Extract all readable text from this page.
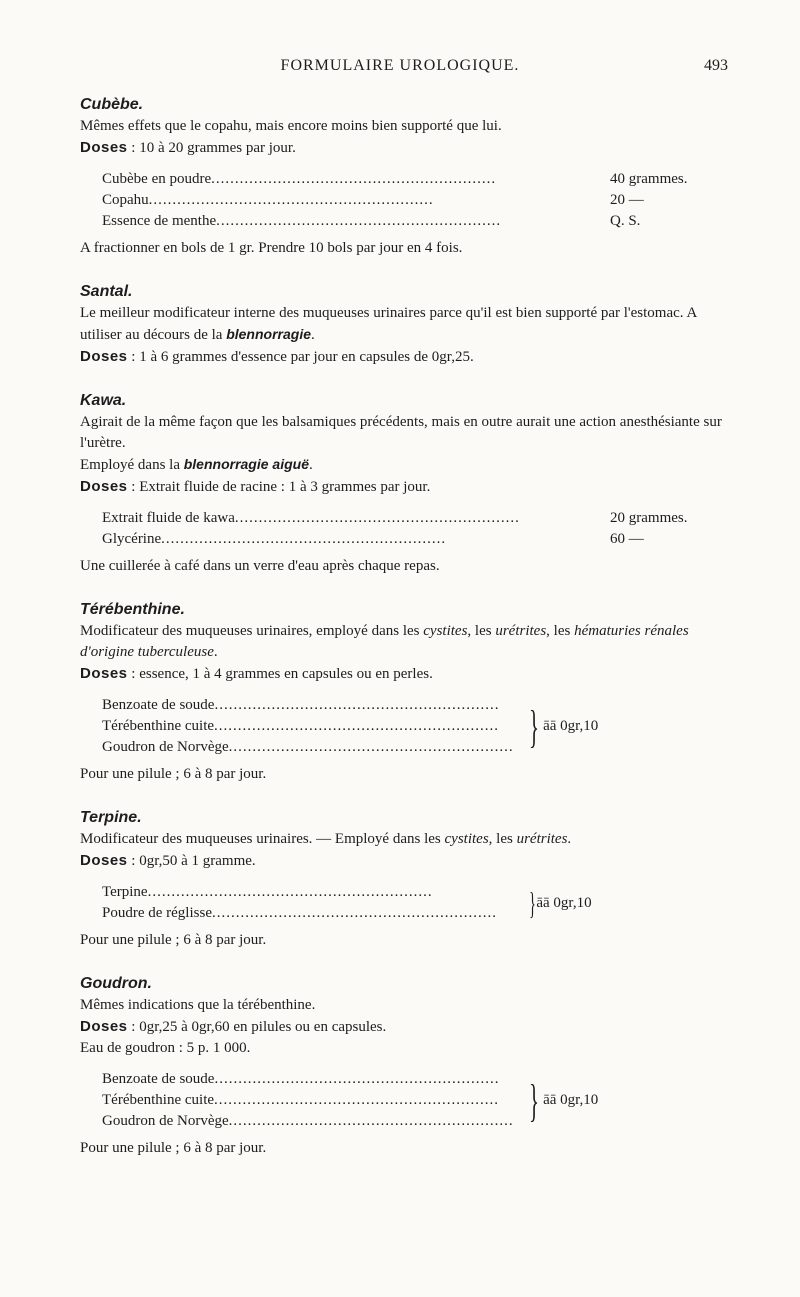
FORMULAIRE UROLOGIQUE.	493
Cubèbe.
Mêmes effets que le copahu, mais encore moins bien supporté que lui.
Doses : 10 à 20 grammes par jour.
Cubèbe en poudre ............................................................	40 grammes.
Copahu ............................................................	20 —
Essence de menthe ............................................................	Q. S.
A fractionner en bols de 1 gr. Prendre 10 bols par jour en 4 fois.
Santal.
Le meilleur modificateur interne des muqueuses urinaires parce qu'il est bien supporté par l'estomac. A utiliser au décours de la blennorragie.
Doses : 1 à 6 grammes d'essence par jour en capsules de 0gr,25.
Kawa.
Agirait de la même façon que les balsamiques précédents, mais en outre aurait une action anesthésiante sur l'urètre.
Employé dans la blennorragie aiguë.
Doses : Extrait fluide de racine : 1 à 3 grammes par jour.
Extrait fluide de kawa ............................................................	20 grammes.
Glycérine ............................................................	60 —
Une cuillerée à café dans un verre d'eau après chaque repas.
Térébenthine.
Modificateur des muqueuses urinaires, employé dans les cystites, les urétrites, les hématuries rénales d'origine tuberculeuse.
Doses : essence, 1 à 4 grammes en capsules ou en perles.
Benzoate de soude ............................................................
Térébenthine cuite ............................................................
Goudron de Norvège ............................................................ } āā 0gr,10
Pour une pilule ; 6 à 8 par jour.
Terpine.
Modificateur des muqueuses urinaires. — Employé dans les cystites, les urétrites.
Doses : 0gr,50 à 1 gramme.
Terpine ............................................................
Poudre de réglisse ............................................................	} āā 0gr,10
Pour une pilule ; 6 à 8 par jour.
Goudron.
Mêmes indications que la térébenthine.
Doses : 0gr,25 à 0gr,60 en pilules ou en capsules.
Eau de goudron : 5 p. 1 000.
Benzoate de soude ............................................................
Térébenthine cuite ............................................................
Goudron de Norvège ............................................................ } āā 0gr,10
Pour une pilule ; 6 à 8 par jour.
